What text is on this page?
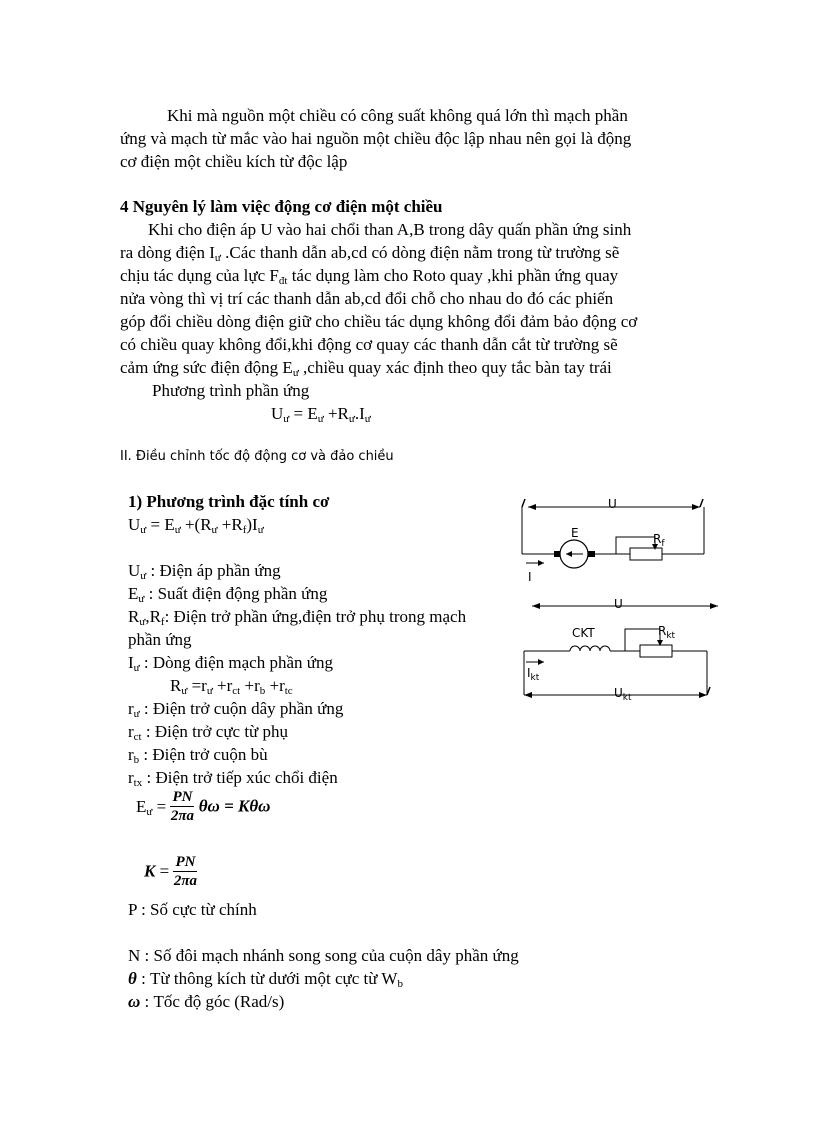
Khi mà nguồn một chiều có công suất không quá lớn thì mạch phần
ứng và mạch từ mắc vào hai nguồn một chiều độc lập nhau nên gọi là động
cơ điện một chiều kích từ độc lập
4 Nguyên lý làm việc động cơ điện một chiều
Khi cho điện áp U vào hai chổi than A,B trong dây quấn phần ứng sinh
ra dòng điện $I_ư$ .Các thanh dẫn ab,cd có dòng điện nằm trong từ trường sẽ
chịu tác dụng của lực $F_{đt}$ tác dụng làm cho Roto quay ,khi phần ứng quay
nửa vòng thì vị trí các thanh dẫn ab,cd đổi chỗ cho nhau do đó các phiến
góp đổi chiều dòng điện giữ cho chiều tác dụng không đổi đảm bảo động cơ
có chiều quay không đổi,khi động cơ quay các thanh dẫn cắt từ trường sẽ
cảm ứng sức điện động $E_ư$ ,chiều quay xác định theo quy tắc bàn tay trái
Phương trình phần ứng
$U_ư = E_ư +R_ư.I_ư$
II. Điều chỉnh tốc độ động cơ và đảo chiều
1) Phương trình đặc tính cơ
$U_ư = E_ư +(R_ư +R_f)I_ư$
$U_ư$ : Điện áp phần ứng
$E_ư$ : Suất điện động phần ứng
$R_ư,R_f$: Điện trở phần ứng,điện trở phụ trong mạch
phần ứng
$I_ư$ : Dòng điện mạch phần ứng
$R_ư =r_ư +r_{ct} +r_b +r_{tc}$
$r_ư$ : Điện trở cuộn dây phần ứng
$r_{ct}$ : Điện trở cực từ phụ
$r_b$ : Điện trở cuộn bù
$r_{tx}$ : Điện trở tiếp xúc chổi điện
$E_ư = \frac{PN}{2\pi a}$ θω = Kθω
$K = \frac{PN}{2\pi a}$
P : Số cực từ chính
N : Số đôi mạch nhánh song song của cuộn dây phần ứng
θ : Từ thông kích từ dưới một cực từ $W_b$
ω : Tốc độ góc (Rad/s)
U
E	$R_f$
I
U
CKT	$R_{kt}$
$I_{kt}$
$U_{kt}$
